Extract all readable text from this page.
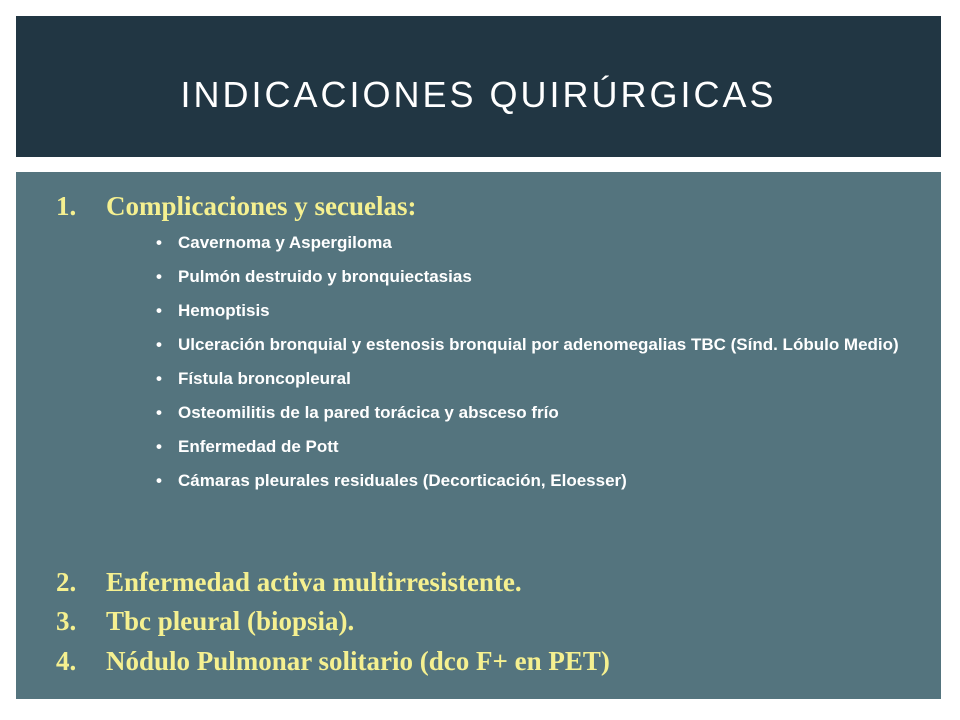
INDICACIONES QUIRÚRGICAS
1. Complicaciones y secuelas:
• Cavernoma y Aspergiloma
• Pulmón destruido y bronquiectasias
• Hemoptisis
• Ulceración bronquial y estenosis bronquial por adenomegalias TBC (Sínd. Lóbulo Medio)
• Fístula broncopleural
• Osteomilitis de la pared torácica y absceso frío
• Enfermedad de Pott
• Cámaras pleurales residuales (Decorticación, Eloesser)
2. Enfermedad activa multirresistente.
3. Tbc pleural (biopsia).
4. Nódulo Pulmonar solitario (dco F+ en PET)
